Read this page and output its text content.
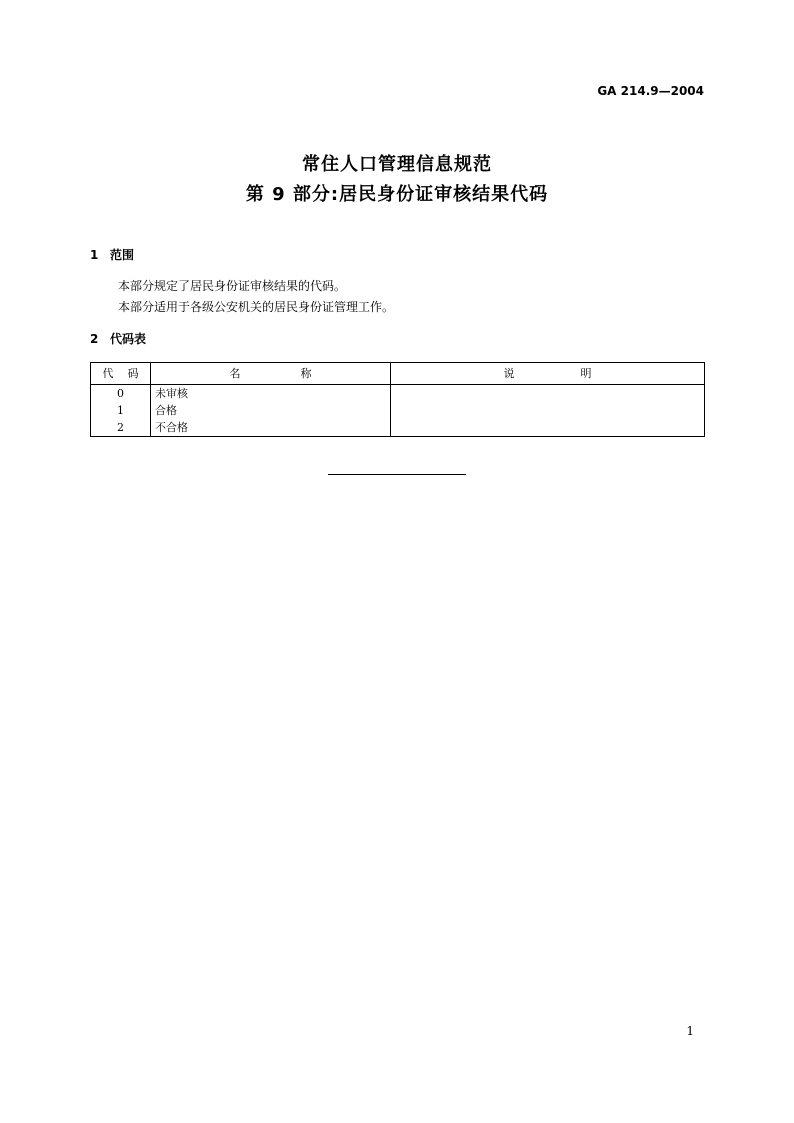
GA 214.9—2004
常住人口管理信息规范
第 9 部分:居民身份证审核结果代码
1 范围
本部分规定了居民身份证审核结果的代码。
本部分适用于各级公安机关的居民身份证管理工作。
2 代码表
代 码	名 称	说 明

0	未审核	
1	合格	
2	不合格	
1
